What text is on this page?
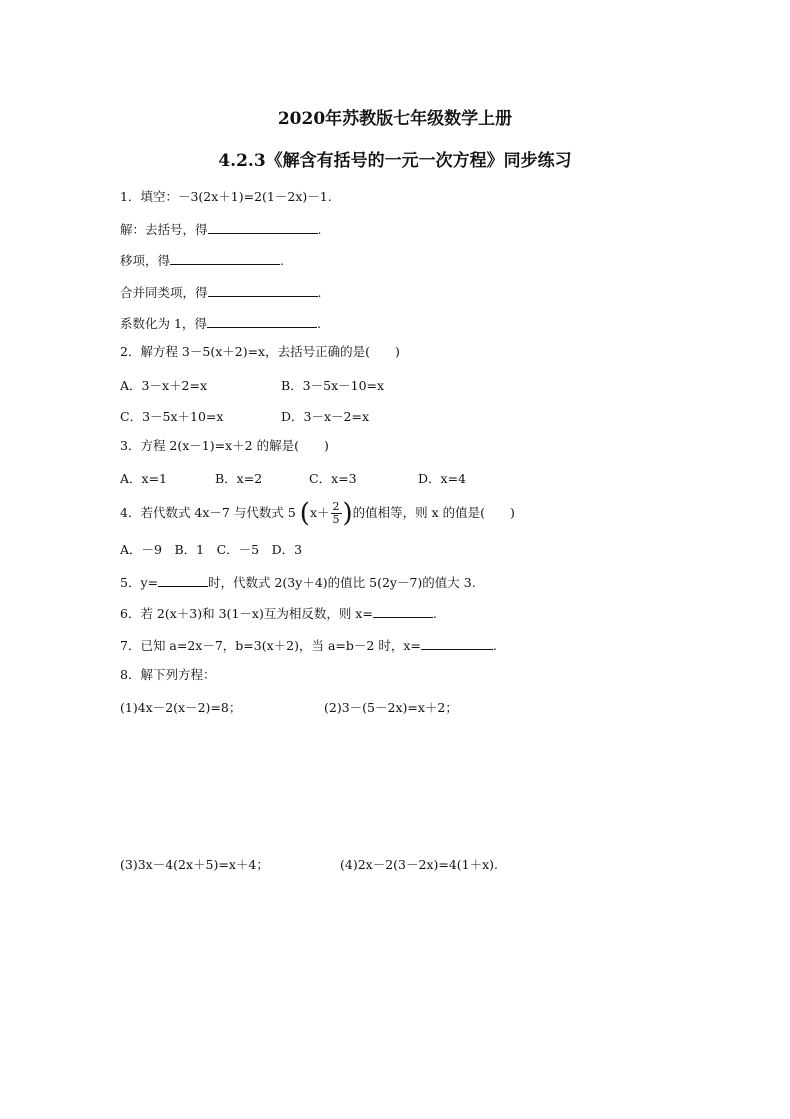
2020年苏教版七年级数学上册
4.2.3《解含有括号的一元一次方程》同步练习
1．填空：－3(2x＋1)=2(1－2x)－1.
解：去括号，得	.
移项，得	.
合并同类项，得	.
系数化为 1，得	.
2．解方程 3－5(x＋2)=x，去括号正确的是(　　)
A．3－x＋2=x	B．3－5x－10=x
C．3－5x＋10=x	D．3－x－2=x
3．方程 2(x－1)=x＋2 的解是(　　)
A．x=1	B．x=2	C．x=3	D．x=4
4．若代数式 4x－7 与代数式 5 ($x+ \frac{2}{5}$ )的值相等，则 x 的值是(　　)
A．－9　B．1　C．－5　D．3
5．y=	时，代数式 2(3y＋4)的值比 5(2y－7)的值大 3.
6．若 2(x＋3)和 3(1－x)互为相反数，则 x=	.
7．已知 a=2x－7，b=3(x＋2)，当 a=b－2 时，x=	.
8．解下列方程：
(1)4x－2(x－2)=8；	(2)3－(5－2x)=x＋2；
(3)3x－4(2x＋5)=x＋4；	(4)2x－2(3－2x)=4(1＋x).
